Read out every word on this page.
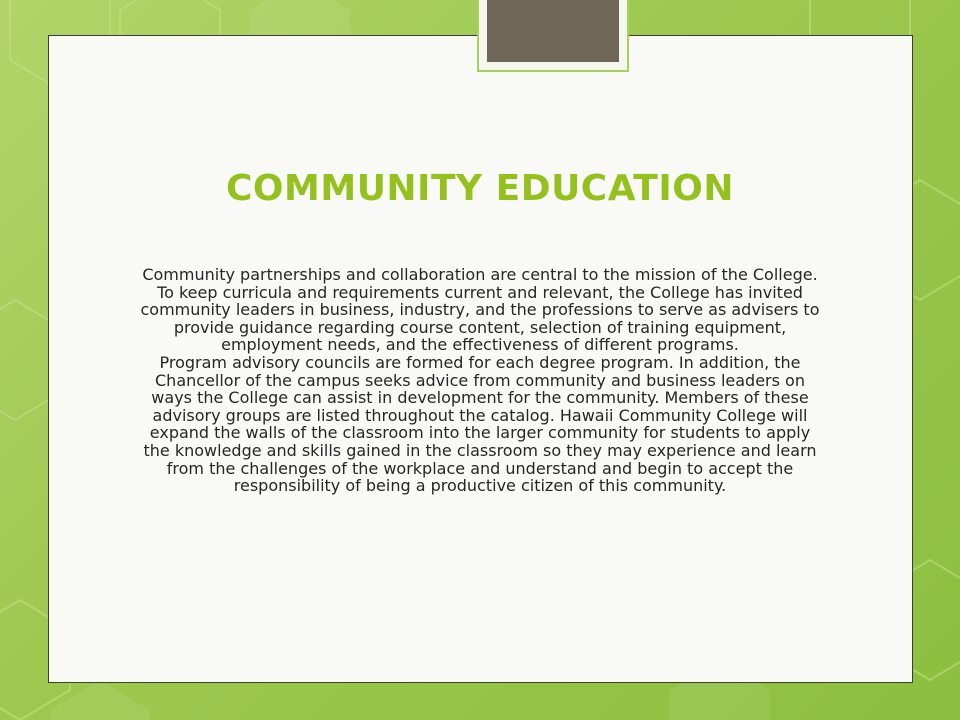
COMMUNITY EDUCATION

Community partnerships and collaboration are central to the mission of the College. To keep curricula and requirements current and relevant, the College has invited community leaders in business, industry, and the professions to serve as advisers to provide guidance regarding course content, selection of training equipment, employment needs, and the effectiveness of different programs.

Program advisory councils are formed for each degree program. In addition, the Chancellor of the campus seeks advice from community and business leaders on ways the College can assist in development for the community. Members of these advisory groups are listed throughout the catalog. Hawaii Community College will expand the walls of the classroom into the larger community for students to apply the knowledge and skills gained in the classroom so they may experience and learn from the challenges of the workplace and understand and begin to accept the responsibility of being a productive citizen of this community.
